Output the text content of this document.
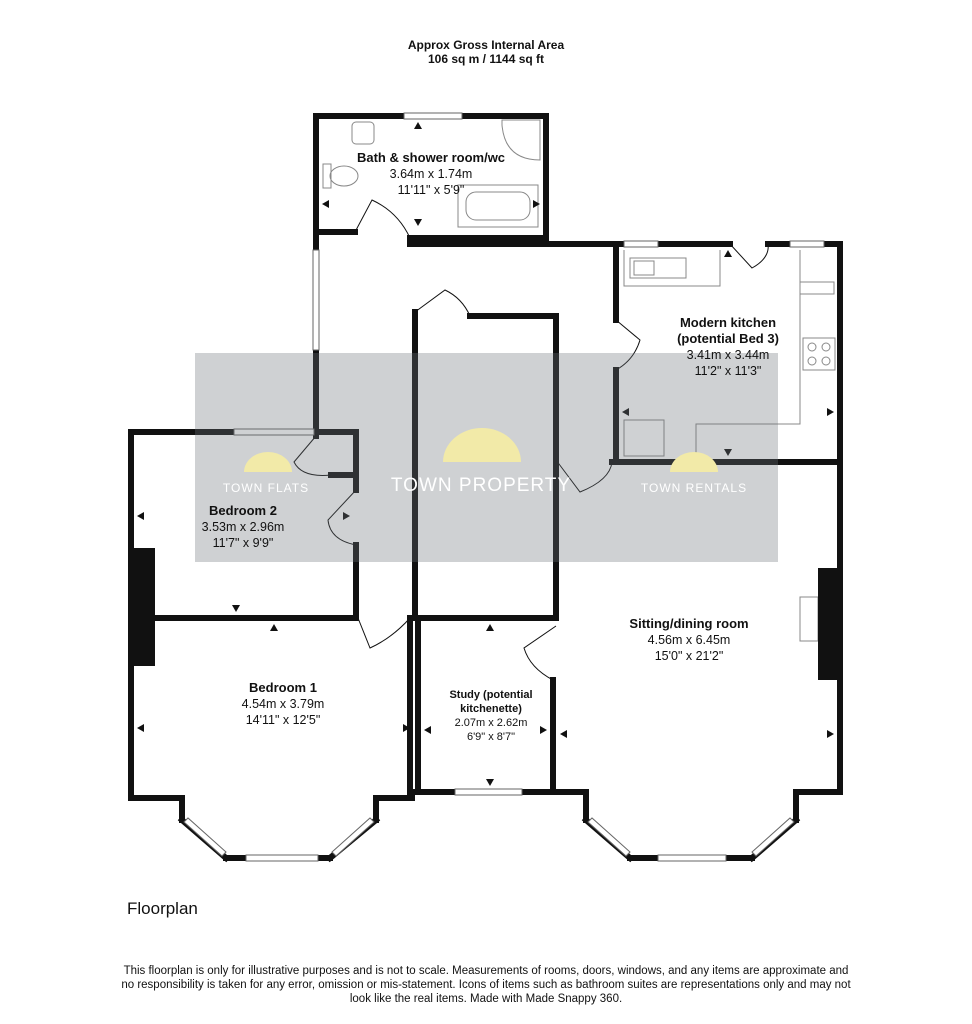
Approx Gross Internal Area
106 sq m / 1144 sq ft
TOWN FLATS	TOWN PROPERTY	TOWN RENTALS
Bath & shower room/wc
3.64m x 1.74m
11'11" x 5'9"
Modern kitchen
(potential Bed 3)
3.41m x 3.44m
11'2" x 11'3"
Bedroom 2
3.53m x 2.96m
11'7" x 9'9"
Sitting/dining room
4.56m x 6.45m
15'0" x 21'2"
Bedroom 1
4.54m x 3.79m
14'11" x 12'5"
Study (potential
kitchenette)
2.07m x 2.62m
6'9" x 8'7"
Floorplan
This floorplan is only for illustrative purposes and is not to scale. Measurements of rooms, doors, windows, and any items are approximate and no responsibility is taken for any error, omission or mis-statement. Icons of items such as bathroom suites are representations only and may not look like the real items. Made with Made Snappy 360.
